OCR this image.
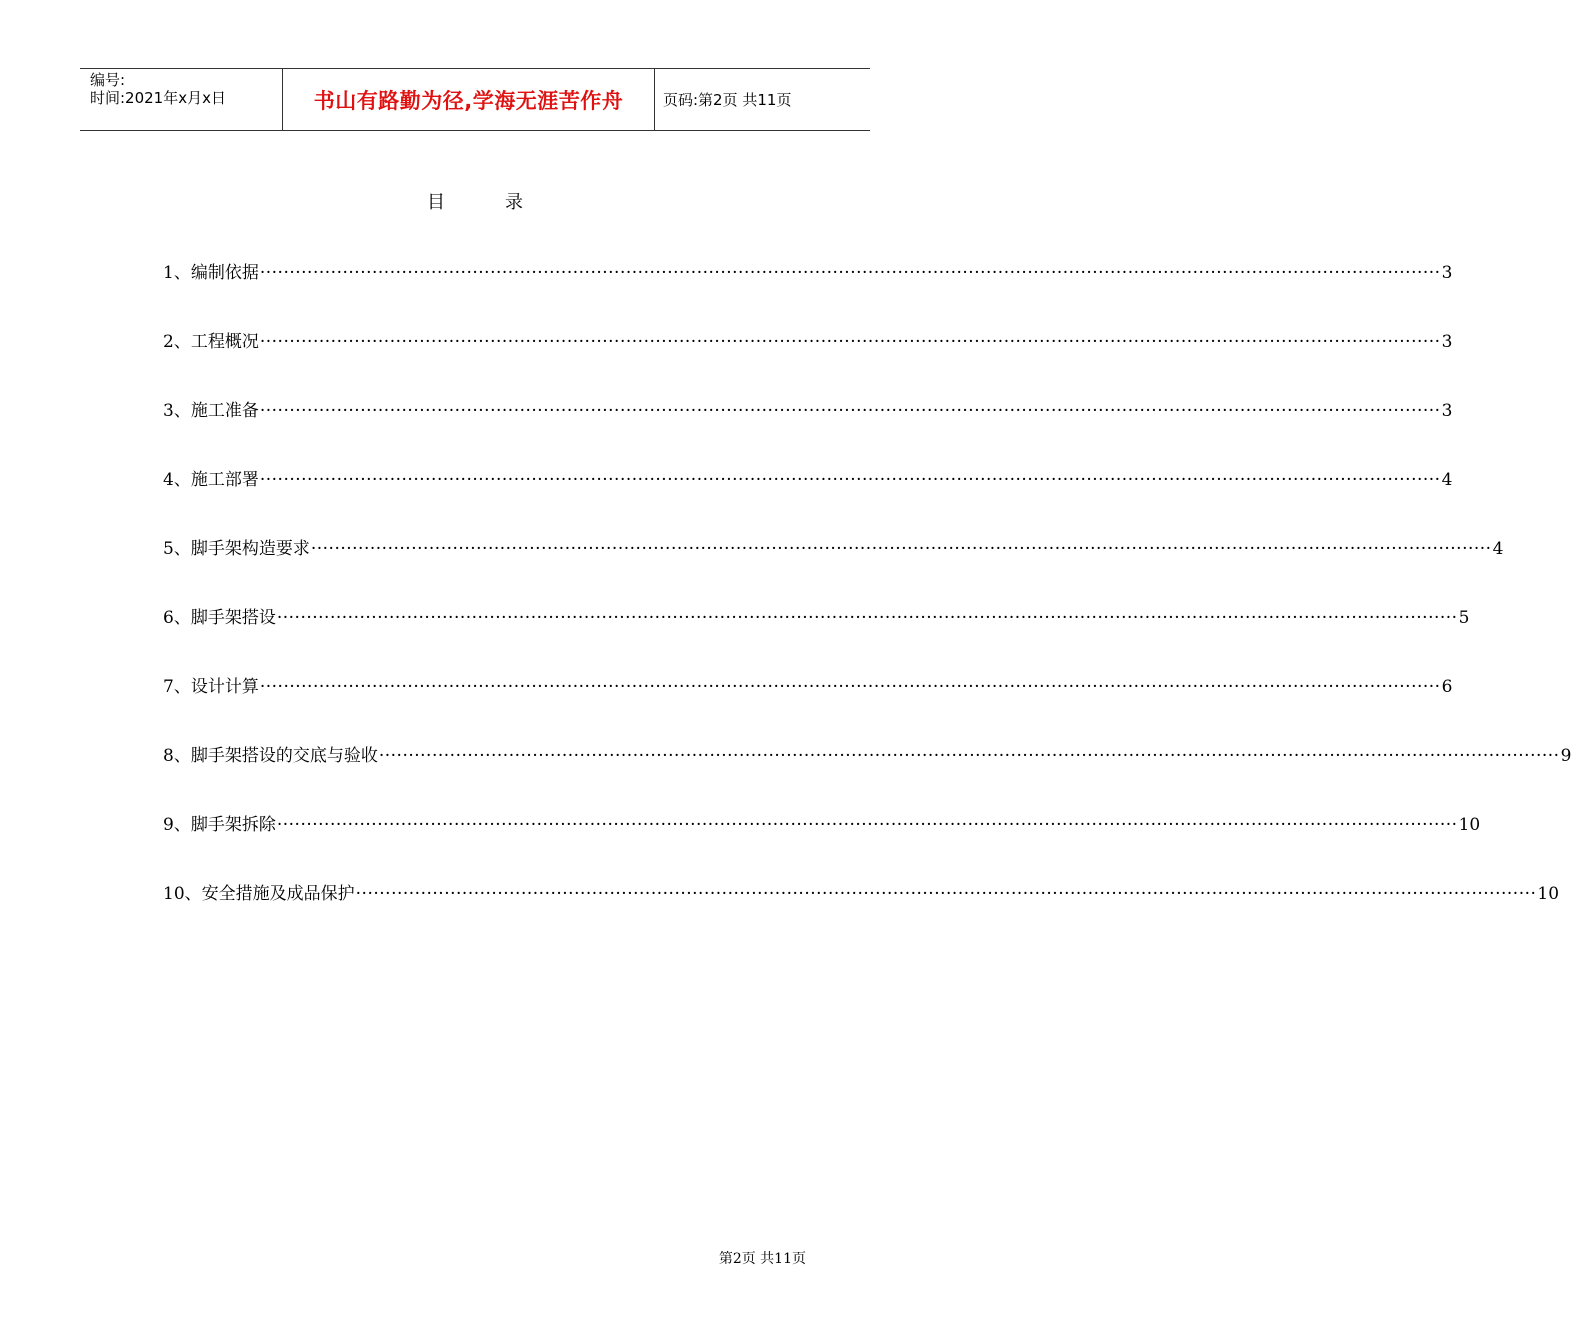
编号:
时间:2021年x月x日	书山有路勤为径,学海无涯苦作舟	页码:第2页 共11页
目录
1、编制依据 ········································································································································································································ 3
2、工程概况 ········································································································································································································ 3
3、施工准备 ········································································································································································································ 3
4、施工部署 ········································································································································································································ 4
5、脚手架构造要求 ········································································································································································································ 4
6、脚手架搭设 ········································································································································································································ 5
7、设计计算 ········································································································································································································ 6
8、脚手架搭设的交底与验收 ········································································································································································································ 9
9、脚手架拆除 ········································································································································································································ 10
10、安全措施及成品保护 ········································································································································································································ 10
第2页 共11页
